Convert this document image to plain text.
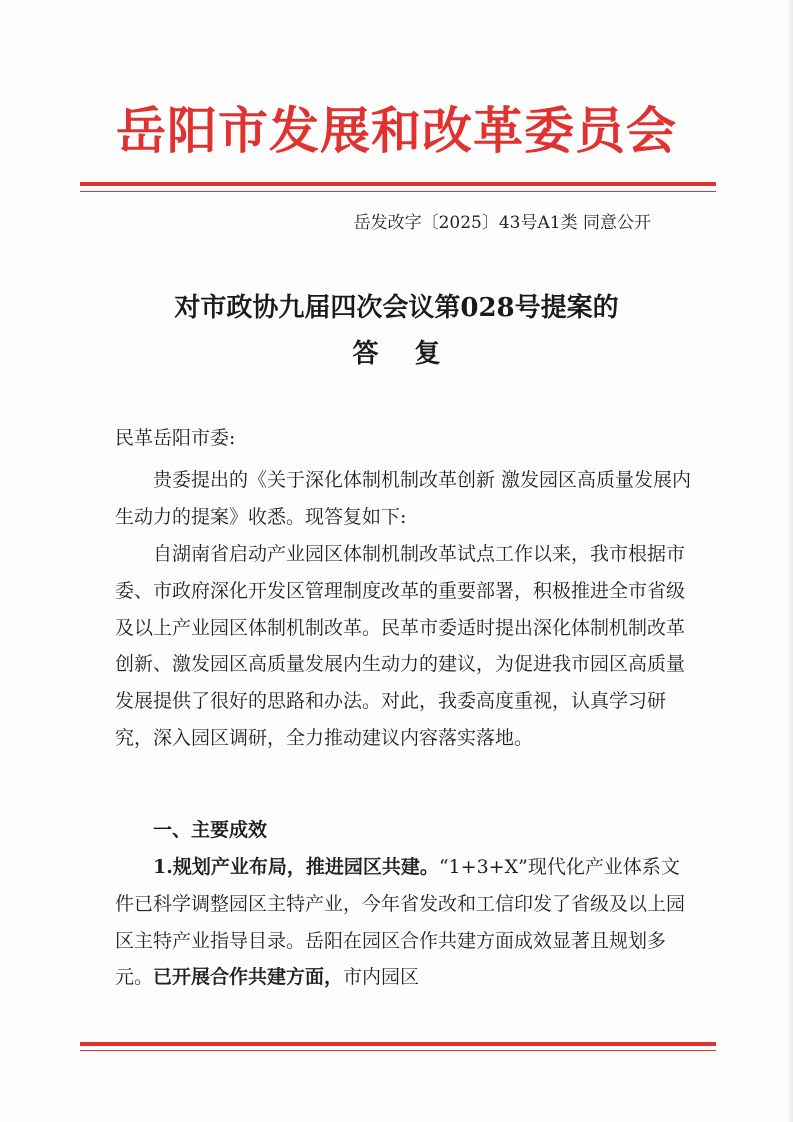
岳阳市发展和改革委员会
岳发改字〔2025〕43号A1类 同意公开
对市政协九届四次会议第028号提案的
答复
民革岳阳市委:
贵委提出的《关于深化体制机制改革创新 激发园区高质量发展内生动力的提案》收悉。现答复如下:
自湖南省启动产业园区体制机制改革试点工作以来，我市根据市委、市政府深化开发区管理制度改革的重要部署，积极推进全市省级及以上产业园区体制机制改革。民革市委适时提出深化体制机制改革创新、激发园区高质量发展内生动力的建议，为促进我市园区高质量发展提供了很好的思路和办法。对此，我委高度重视，认真学习研究，深入园区调研，全力推动建议内容落实落地。
一、主要成效
1.规划产业布局，推进园区共建。“1+3+X”现代化产业体系文件已科学调整园区主特产业，今年省发改和工信印发了省级及以上园区主特产业指导目录。岳阳在园区合作共建方面成效显著且规划多元。已开展合作共建方面，市内园区
